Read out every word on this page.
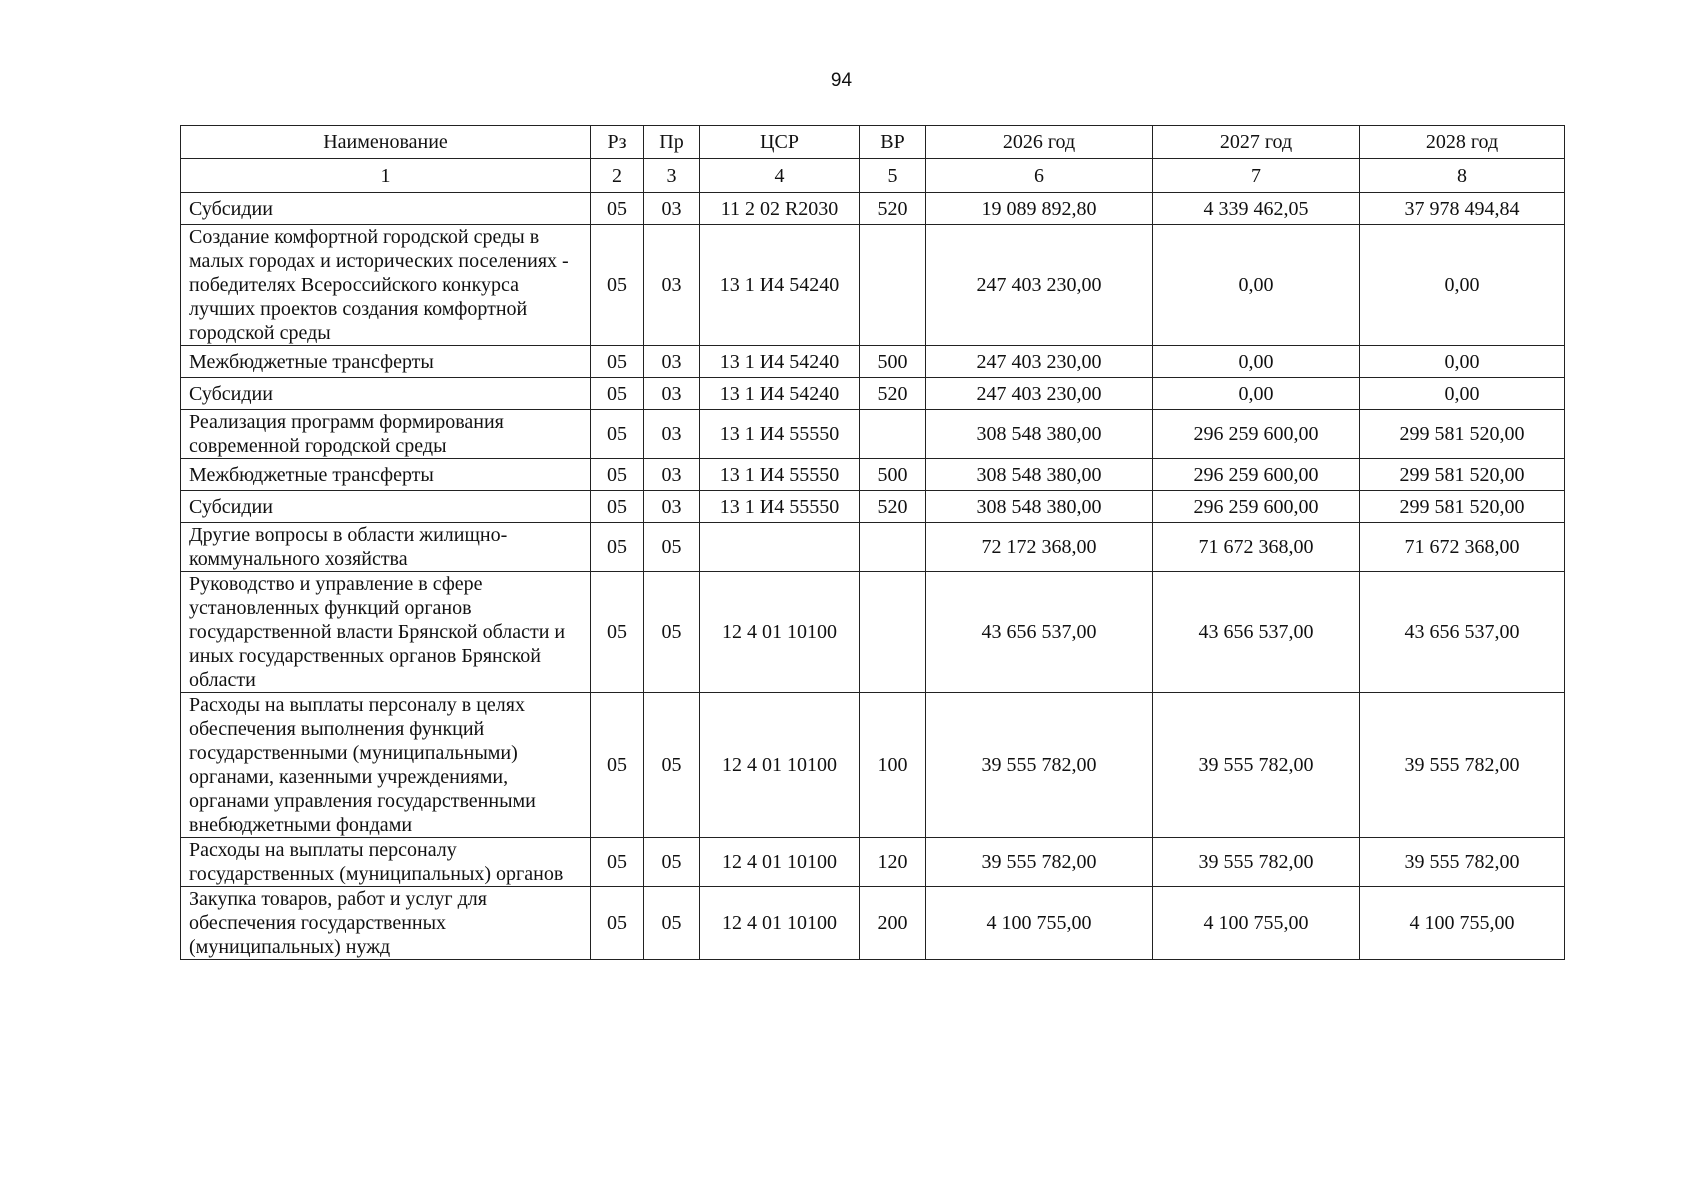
94
Наименование	Рз	Пр	ЦСР	ВР	2026 год	2027 год	2028 год
1	2	3	4	5	6	7	8
Субсидии	05	03	11 2 02 R2030	520	19 089 892,80	4 339 462,05	37 978 494,84
Создание комфортной городской среды в малых городах и исторических поселениях - победителях Всероссийского конкурса лучших проектов создания комфортной городской среды	05	03	13 1 И4 54240		247 403 230,00	0,00	0,00
Межбюджетные трансферты	05	03	13 1 И4 54240	500	247 403 230,00	0,00	0,00
Субсидии	05	03	13 1 И4 54240	520	247 403 230,00	0,00	0,00
Реализация программ формирования современной городской среды	05	03	13 1 И4 55550		308 548 380,00	296 259 600,00	299 581 520,00
Межбюджетные трансферты	05	03	13 1 И4 55550	500	308 548 380,00	296 259 600,00	299 581 520,00
Субсидии	05	03	13 1 И4 55550	520	308 548 380,00	296 259 600,00	299 581 520,00
Другие вопросы в области жилищно-коммунального хозяйства	05	05			72 172 368,00	71 672 368,00	71 672 368,00
Руководство и управление в сфере установленных функций органов государственной власти Брянской области и иных государственных органов Брянской области	05	05	12 4 01 10100		43 656 537,00	43 656 537,00	43 656 537,00
Расходы на выплаты персоналу в целях обеспечения выполнения функций государственными (муниципальными) органами, казенными учреждениями, органами управления государственными внебюджетными фондами	05	05	12 4 01 10100	100	39 555 782,00	39 555 782,00	39 555 782,00
Расходы на выплаты персоналу государственных (муниципальных) органов	05	05	12 4 01 10100	120	39 555 782,00	39 555 782,00	39 555 782,00
Закупка товаров, работ и услуг для обеспечения государственных (муниципальных) нужд	05	05	12 4 01 10100	200	4 100 755,00	4 100 755,00	4 100 755,00
